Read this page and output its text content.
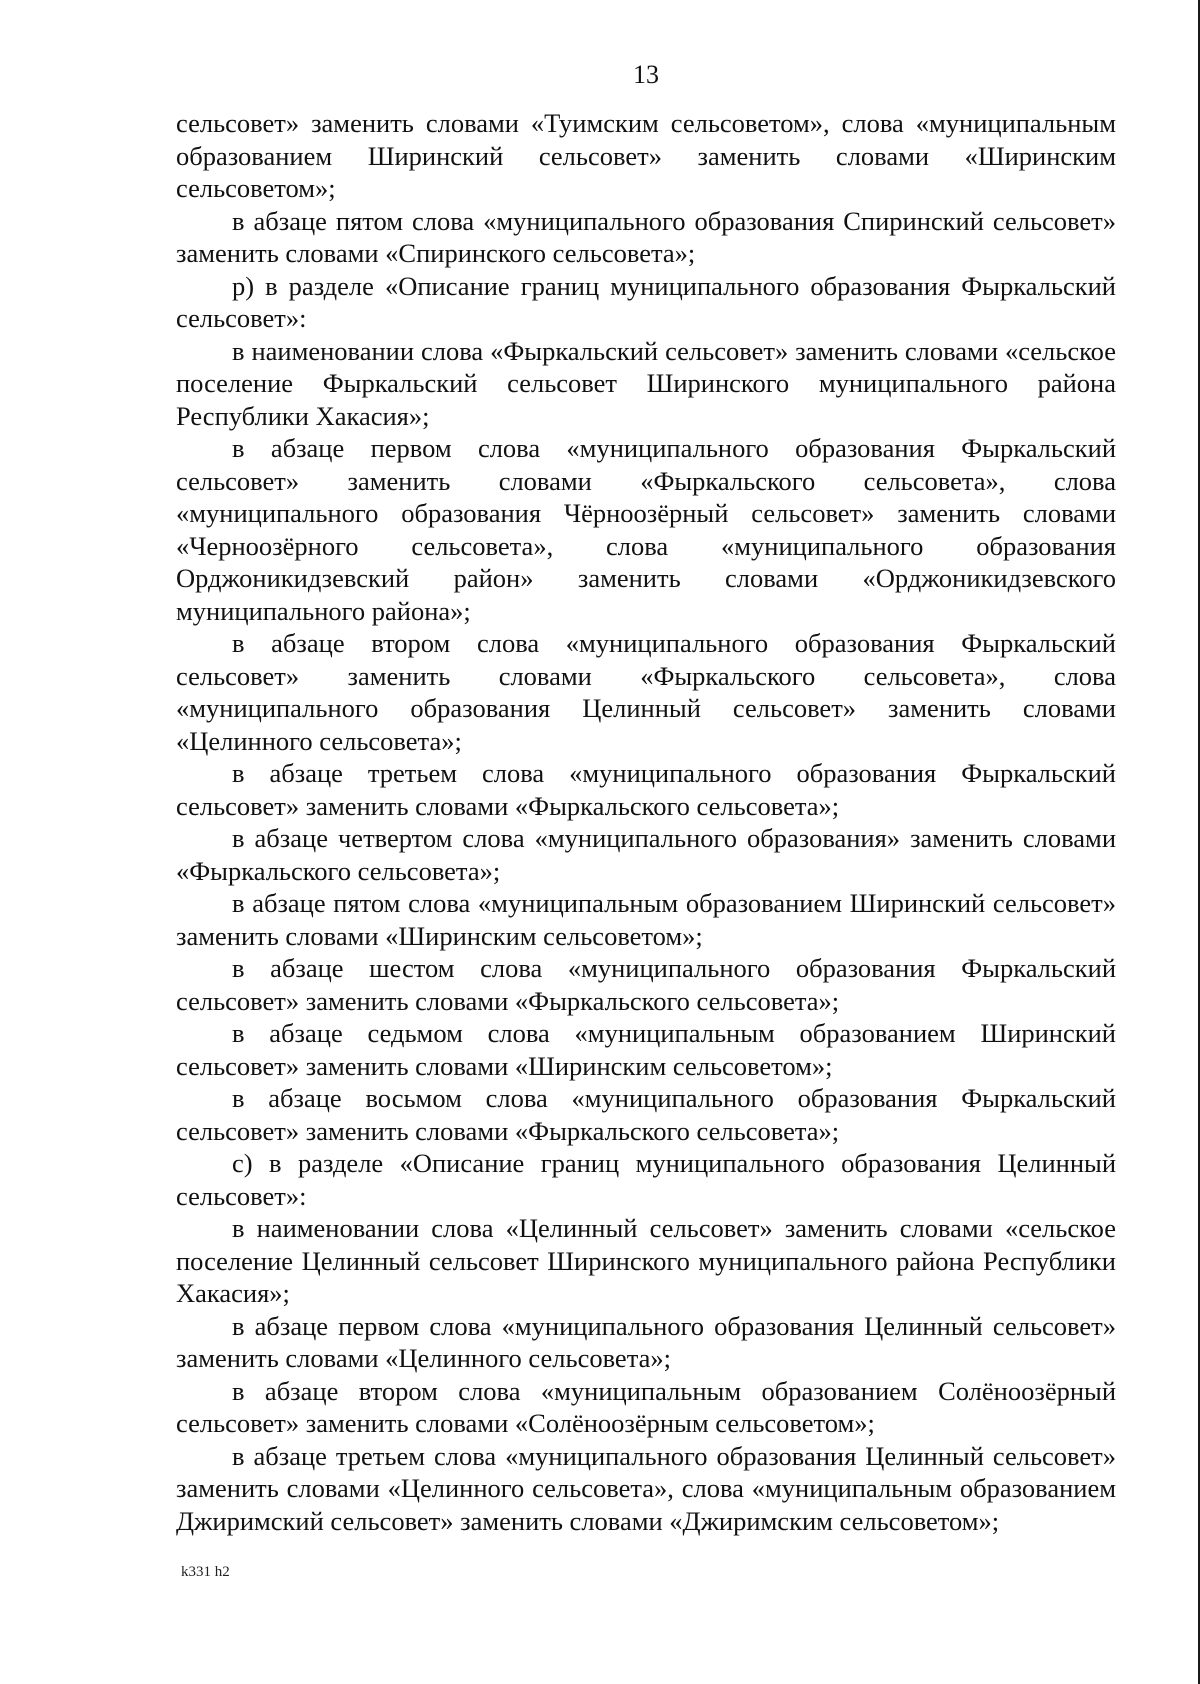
13

сельсовет» заменить словами «Туимским сельсоветом», слова «муниципальным образованием Ширинский сельсовет» заменить словами «Ширинским сельсоветом»;

в абзаце пятом слова «муниципального образования Спиринский сельсовет» заменить словами «Спиринского сельсовета»;

р) в разделе «Описание границ муниципального образования Фыркальский сельсовет»:

в наименовании слова «Фыркальский сельсовет» заменить словами «сельское поселение Фыркальский сельсовет Ширинского муниципального района Республики Хакасия»;

в абзаце первом слова «муниципального образования Фыркальский сельсовет» заменить словами «Фыркальского сельсовета», слова «муниципального образования Чёрноозёрный сельсовет» заменить словами «Черноозёрного сельсовета», слова «муниципального образования Орджоникидзевский район» заменить словами «Орджоникидзевского муниципального района»;

в абзаце втором слова «муниципального образования Фыркальский сельсовет» заменить словами «Фыркальского сельсовета», слова «муниципального образования Целинный сельсовет» заменить словами «Целинного сельсовета»;

в абзаце третьем слова «муниципального образования Фыркальский сельсовет» заменить словами «Фыркальского сельсовета»;

в абзаце четвертом слова «муниципального образования» заменить словами «Фыркальского сельсовета»;

в абзаце пятом слова «муниципальным образованием Ширинский сельсовет» заменить словами «Ширинским сельсоветом»;

в абзаце шестом слова «муниципального образования Фыркальский сельсовет» заменить словами «Фыркальского сельсовета»;

в абзаце седьмом слова «муниципальным образованием Ширинский сельсовет» заменить словами «Ширинским сельсоветом»;

в абзаце восьмом слова «муниципального образования Фыркальский сельсовет» заменить словами «Фыркальского сельсовета»;

с) в разделе «Описание границ муниципального образования Целинный сельсовет»:

в наименовании слова «Целинный сельсовет» заменить словами «сельское поселение Целинный сельсовет Ширинского муниципального района Республики Хакасия»;

в абзаце первом слова «муниципального образования Целинный сельсовет» заменить словами «Целинного сельсовета»;

в абзаце втором слова «муниципальным образованием Солёноозёрный сельсовет» заменить словами «Солёноозёрным сельсоветом»;

в абзаце третьем слова «муниципального образования Целинный сельсовет» заменить словами «Целинного сельсовета», слова «муниципальным образованием Джиримский сельсовет» заменить словами «Джиримским сельсоветом»;

k331 h2
